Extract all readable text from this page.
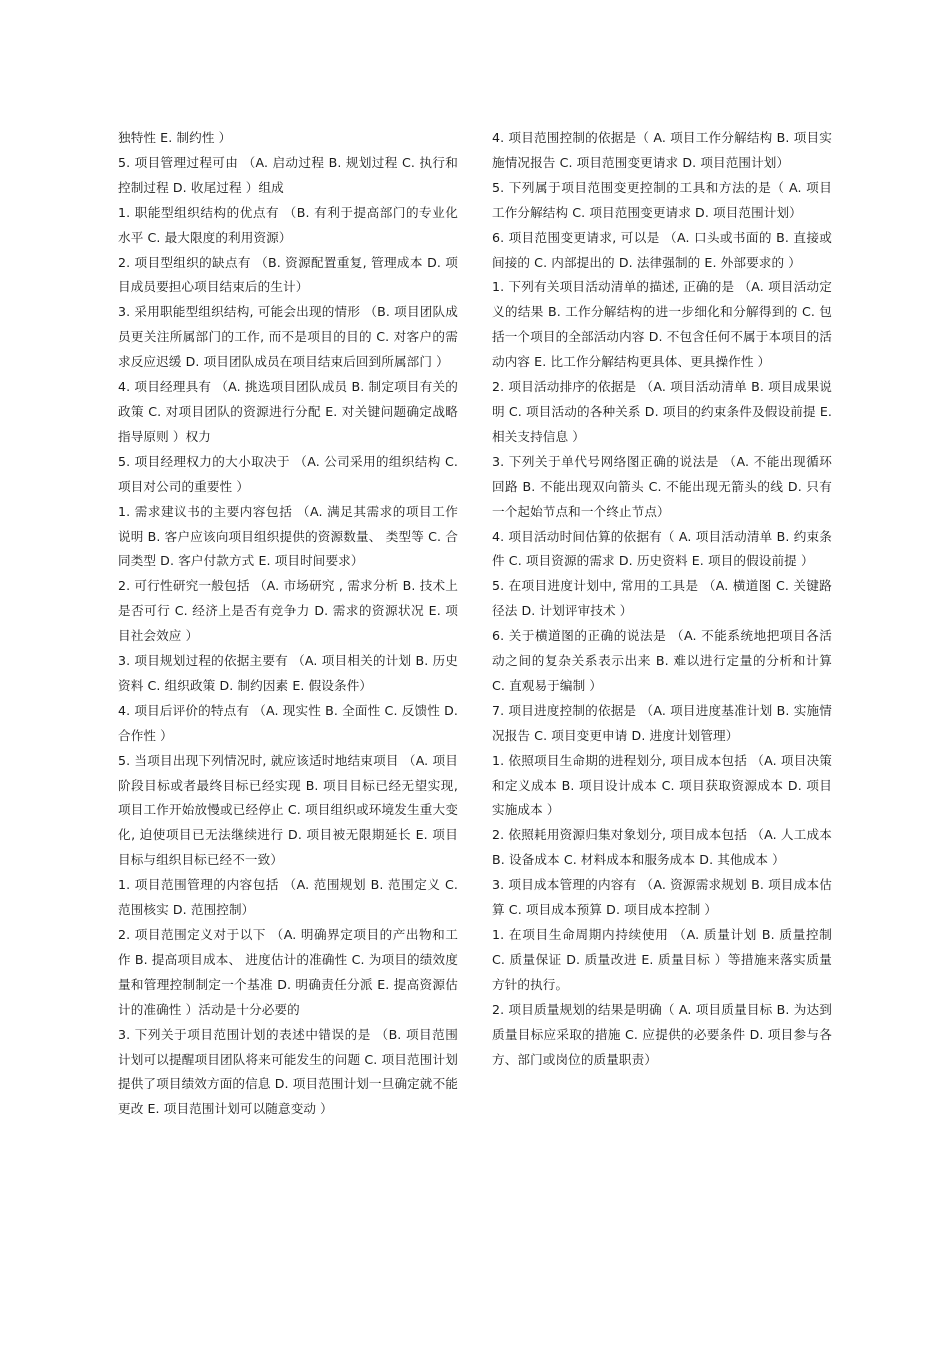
独特性 E. 制约性 ）

5. 项目管理过程可由 （A. 启动过程 B. 规划过程 C. 执行和控制过程 D. 收尾过程 ）组成

1. 职能型组织结构的优点有 （B. 有利于提高部门的专业化水平 C. 最大限度的利用资源）

2. 项目型组织的缺点有 （B. 资源配置重复, 管理成本 D. 项目成员要担心项目结束后的生计）

3. 采用职能型组织结构, 可能会出现的情形 （B. 项目团队成员更关注所属部门的工作, 而不是项目的目的 C. 对客户的需求反应迟缓 D. 项目团队成员在项目结束后回到所属部门 ）

4. 项目经理具有 （A. 挑选项目团队成员 B. 制定项目有关的政策 C. 对项目团队的资源进行分配 E. 对关键问题确定战略指导原则 ）权力

5. 项目经理权力的大小取决于 （A. 公司采用的组织结构 C. 项目对公司的重要性 ）

1. 需求建议书的主要内容包括 （A. 满足其需求的项目工作说明 B. 客户应该向项目组织提供的资源数量、 类型等 C. 合同类型 D. 客户付款方式 E. 项目时间要求）

2. 可行性研究一般包括 （A. 市场研究 , 需求分析 B. 技术上是否可行 C. 经济上是否有竞争力 D. 需求的资源状况 E. 项目社会效应 ）

3. 项目规划过程的依据主要有 （A. 项目相关的计划 B. 历史资料 C. 组织政策 D. 制约因素 E. 假设条件）

4. 项目后评价的特点有 （A. 现实性 B. 全面性 C. 反馈性 D. 合作性 ）

5. 当项目出现下列情况时, 就应该适时地结束项目 （A. 项目阶段目标或者最终目标已经实现 B. 项目目标已经无望实现, 项目工作开始放慢或已经停止 C. 项目组织或环境发生重大变化, 迫使项目已无法继续进行 D. 项目被无限期延长 E. 项目目标与组织目标已经不一致）

1. 项目范围管理的内容包括 （A. 范围规划 B. 范围定义 C. 范围核实 D. 范围控制）

2. 项目范围定义对于以下 （A. 明确界定项目的产出物和工作 B. 提高项目成本、 进度估计的准确性 C. 为项目的绩效度量和管理控制制定一个基准 D. 明确责任分派 E. 提高资源估计的准确性 ）活动是十分必要的

3. 下列关于项目范围计划的表述中错误的是 （B. 项目范围计划可以提醒项目团队将来可能发生的问题 C. 项目范围计划提供了项目绩效方面的信息 D. 项目范围计划一旦确定就不能更改 E. 项目范围计划可以随意变动 ）

4. 项目范围控制的依据是（ A. 项目工作分解结构 B. 项目实施情况报告 C. 项目范围变更请求 D. 项目范围计划）

5. 下列属于项目范围变更控制的工具和方法的是（ A. 项目工作分解结构 C. 项目范围变更请求 D. 项目范围计划）

6. 项目范围变更请求, 可以是 （A. 口头或书面的 B. 直接或间接的 C. 内部提出的 D. 法律强制的 E. 外部要求的 ）

1. 下列有关项目活动清单的描述, 正确的是 （A. 项目活动定义的结果 B. 工作分解结构的进一步细化和分解得到的 C. 包括一个项目的全部活动内容 D. 不包含任何不属于本项目的活动内容 E. 比工作分解结构更具体、更具操作性 ）

2. 项目活动排序的依据是 （A. 项目活动清单 B. 项目成果说明 C. 项目活动的各种关系 D. 项目的约束条件及假设前提 E. 相关支持信息 ）

3. 下列关于单代号网络图正确的说法是 （A. 不能出现循环回路 B. 不能出现双向箭头 C. 不能出现无箭头的线 D. 只有一个起始节点和一个终止节点）

4. 项目活动时间估算的依据有（ A. 项目活动清单 B. 约束条件 C. 项目资源的需求 D. 历史资料 E. 项目的假设前提 ）

5. 在项目进度计划中, 常用的工具是 （A. 横道图 C. 关键路径法 D. 计划评审技术 ）

6. 关于横道图的正确的说法是 （A. 不能系统地把项目各活动之间的复杂关系表示出来 B. 难以进行定量的分析和计算 C. 直观易于编制 ）

7. 项目进度控制的依据是 （A. 项目进度基准计划 B. 实施情况报告 C. 项目变更申请 D. 进度计划管理）

1. 依照项目生命期的进程划分, 项目成本包括 （A. 项目决策和定义成本 B. 项目设计成本 C. 项目获取资源成本 D. 项目实施成本 ）

2. 依照耗用资源归集对象划分, 项目成本包括 （A. 人工成本 B. 设备成本 C. 材料成本和服务成本 D. 其他成本 ）

3. 项目成本管理的内容有 （A. 资源需求规划 B. 项目成本估算 C. 项目成本预算 D. 项目成本控制 ）

1. 在项目生命周期内持续使用 （A. 质量计划 B. 质量控制 C. 质量保证 D. 质量改进 E. 质量目标 ）等措施来落实质量方针的执行。

2. 项目质量规划的结果是明确（ A. 项目质量目标 B. 为达到质量目标应采取的措施 C. 应提供的必要条件 D. 项目参与各方、部门或岗位的质量职责）
